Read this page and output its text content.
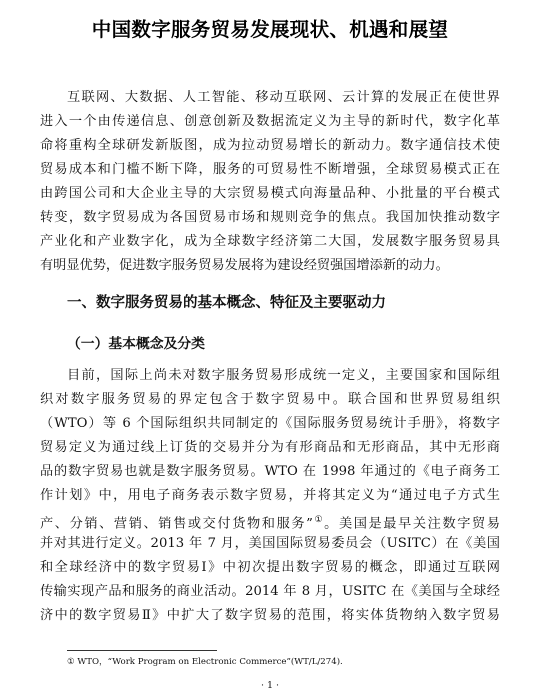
中国数字服务贸易发展现状、机遇和展望
互联网、大数据、人工智能、移动互联网、云计算的发展正在使世界
进入一个由传递信息、创意创新及数据流定义为主导的新时代，数字化革
命将重构全球研发新版图，成为拉动贸易增长的新动力。数字通信技术使
贸易成本和门槛不断下降，服务的可贸易性不断增强，全球贸易模式正在
由跨国公司和大企业主导的大宗贸易模式向海量品种、小批量的平台模式
转变，数字贸易成为各国贸易市场和规则竞争的焦点。我国加快推动数字
产业化和产业数字化，成为全球数字经济第二大国，发展数字服务贸易具
有明显优势，促进数字服务贸易发展将为建设经贸强国增添新的动力。
一、数字服务贸易的基本概念、特征及主要驱动力
（一）基本概念及分类
目前，国际上尚未对数字服务贸易形成统一定义，主要国家和国际组
织对数字服务贸易的界定包含于数字贸易中。联合国和世界贸易组织
（WTO）等 6 个国际组织共同制定的《国际服务贸易统计手册》，将数字
贸易定义为通过线上订货的交易并分为有形商品和无形商品，其中无形商
品的数字贸易也就是数字服务贸易。WTO 在 1998 年通过的《电子商务工
作计划》中，用电子商务表示数字贸易，并将其定义为“通过电子方式生
产、分销、营销、销售或交付货物和服务”①。美国是最早关注数字贸易
并对其进行定义。2013 年 7 月，美国国际贸易委员会（USITC）在《美国
和全球经济中的数字贸易Ⅰ》中初次提出数字贸易的概念，即通过互联网
传输实现产品和服务的商业活动。2014 年 8 月，USITC 在《美国与全球经
济中的数字贸易Ⅱ》中扩大了数字贸易的范围，将实体货物纳入数字贸易
① WTO，“Work Program on Electronic Commerce”(WT/L/274).
· 1 ·
